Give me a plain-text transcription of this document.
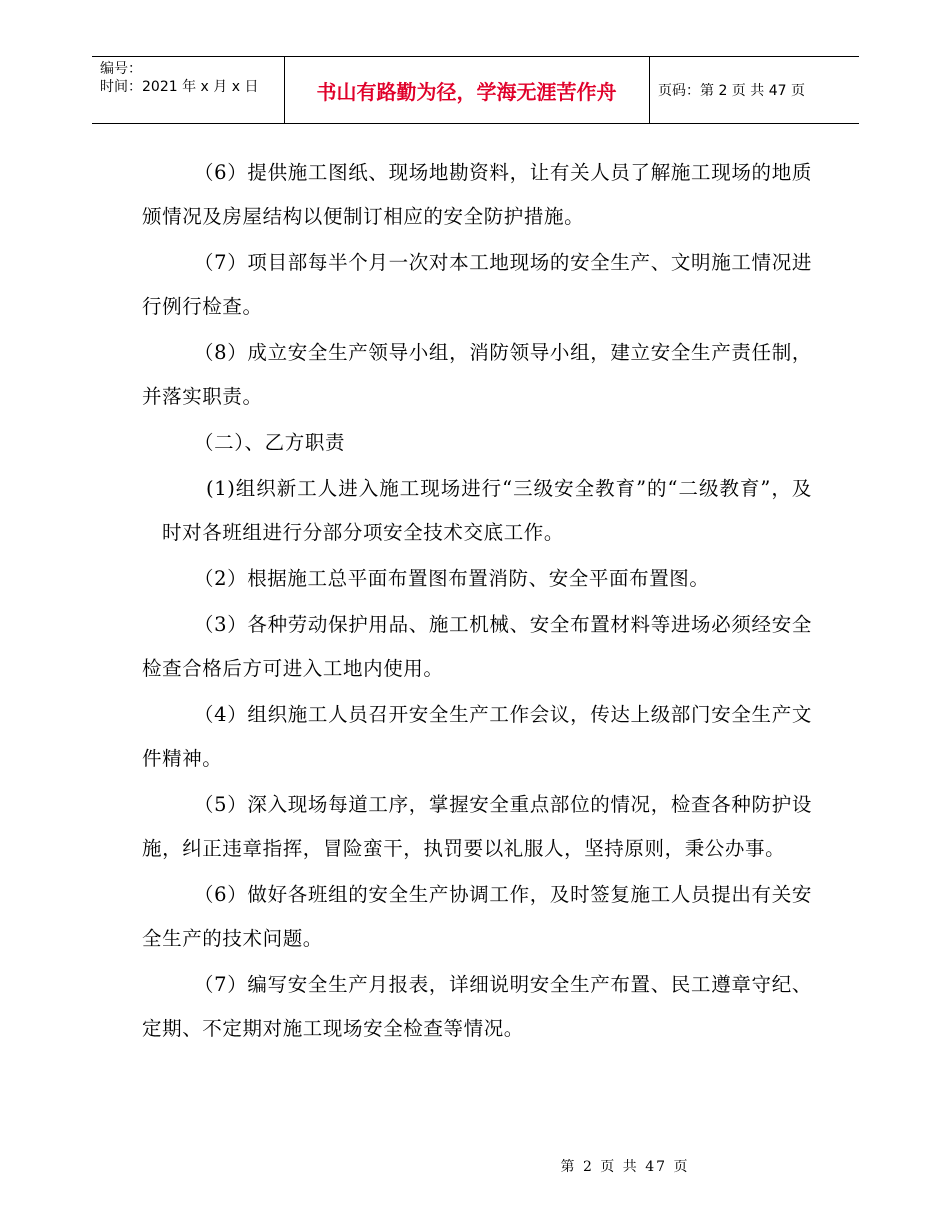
编号：
时间：2021 年 x 月 x 日	书山有路勤为径，学海无涯苦作舟	页码：第 2 页 共 47 页

（6）提供施工图纸、现场地勘资料，让有关人员了解施工现场的地质颁情况及房屋结构以便制订相应的安全防护措施。

（7）项目部每半个月一次对本工地现场的安全生产、文明施工情况进行例行检查。

（8）成立安全生产领导小组，消防领导小组，建立安全生产责任制，并落实职责。

（二）、乙方职责

(1)组织新工人进入施工现场进行“三级安全教育”的“二级教育”，及时对各班组进行分部分项安全技术交底工作。

（2）根据施工总平面布置图布置消防、安全平面布置图。

（3）各种劳动保护用品、施工机械、安全布置材料等进场必须经安全检查合格后方可进入工地内使用。

（4）组织施工人员召开安全生产工作会议，传达上级部门安全生产文件精神。

（5）深入现场每道工序，掌握安全重点部位的情况，检查各种防护设施，纠正违章指挥，冒险蛮干，执罚要以礼服人，坚持原则，秉公办事。

（6）做好各班组的安全生产协调工作，及时签复施工人员提出有关安全生产的技术问题。

（7）编写安全生产月报表，详细说明安全生产布置、民工遵章守纪、定期、不定期对施工现场安全检查等情况。

第 2 页 共 47 页
